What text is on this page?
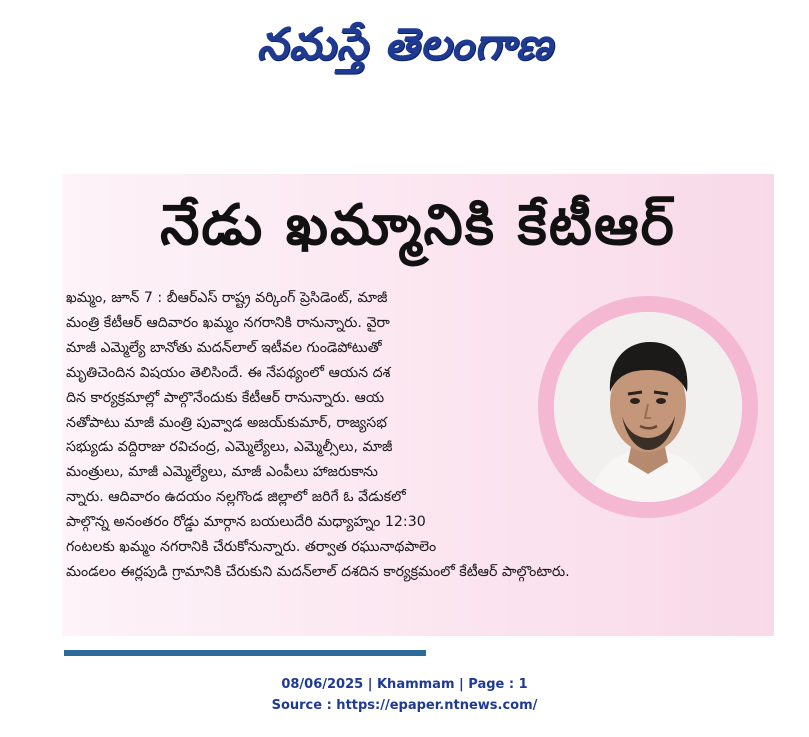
నమస్తే తెలంగాణ
నేడు ఖమ్మానికి కేటీఆర్
ఖమ్మం, జూన్ 7 : బీఆర్ఎస్ రాష్ట్ర వర్కింగ్ ప్రెసిడెంట్, మాజీ
మంత్రి కేటీఆర్ ఆదివారం ఖమ్మం నగరానికి రానున్నారు. వైరా
మాజీ ఎమ్మెల్యే బానోతు మదన్‌లాల్ ఇటీవల గుండెపోటుతో
మృతిచెందిన విషయం తెలిసిందే. ఈ నేపథ్యంలో ఆయన దశ
దిన కార్యక్రమాల్లో పాల్గొనేందుకు కేటీఆర్ రానున్నారు. ఆయ
నతోపాటు మాజీ మంత్రి పువ్వాడ అజయ్‌కుమార్, రాజ్యసభ
సభ్యుడు వద్దిరాజు రవిచంద్ర, ఎమ్మెల్యేలు, ఎమ్మెల్సీలు, మాజీ
మంత్రులు, మాజీ ఎమ్మెల్యేలు, మాజీ ఎంపీలు హాజరుకాను
న్నారు. ఆదివారం ఉదయం నల్లగొండ జిల్లాలో జరిగే ఓ వేడుకలో
పాల్గొన్న అనంతరం రోడ్డు మార్గాన బయలుదేరి మధ్యాహ్నం 12:30
గంటలకు ఖమ్మం నగరానికి చేరుకోనున్నారు. తర్వాత రఘునాథపాలెం
మండలం ఈర్లపుడి గ్రామానికి చేరుకుని మదన్‌లాల్ దశదిన కార్యక్రమంలో కేటీఆర్ పాల్గొంటారు.
08/06/2025 | Khammam | Page : 1
Source : https://epaper.ntnews.com/
